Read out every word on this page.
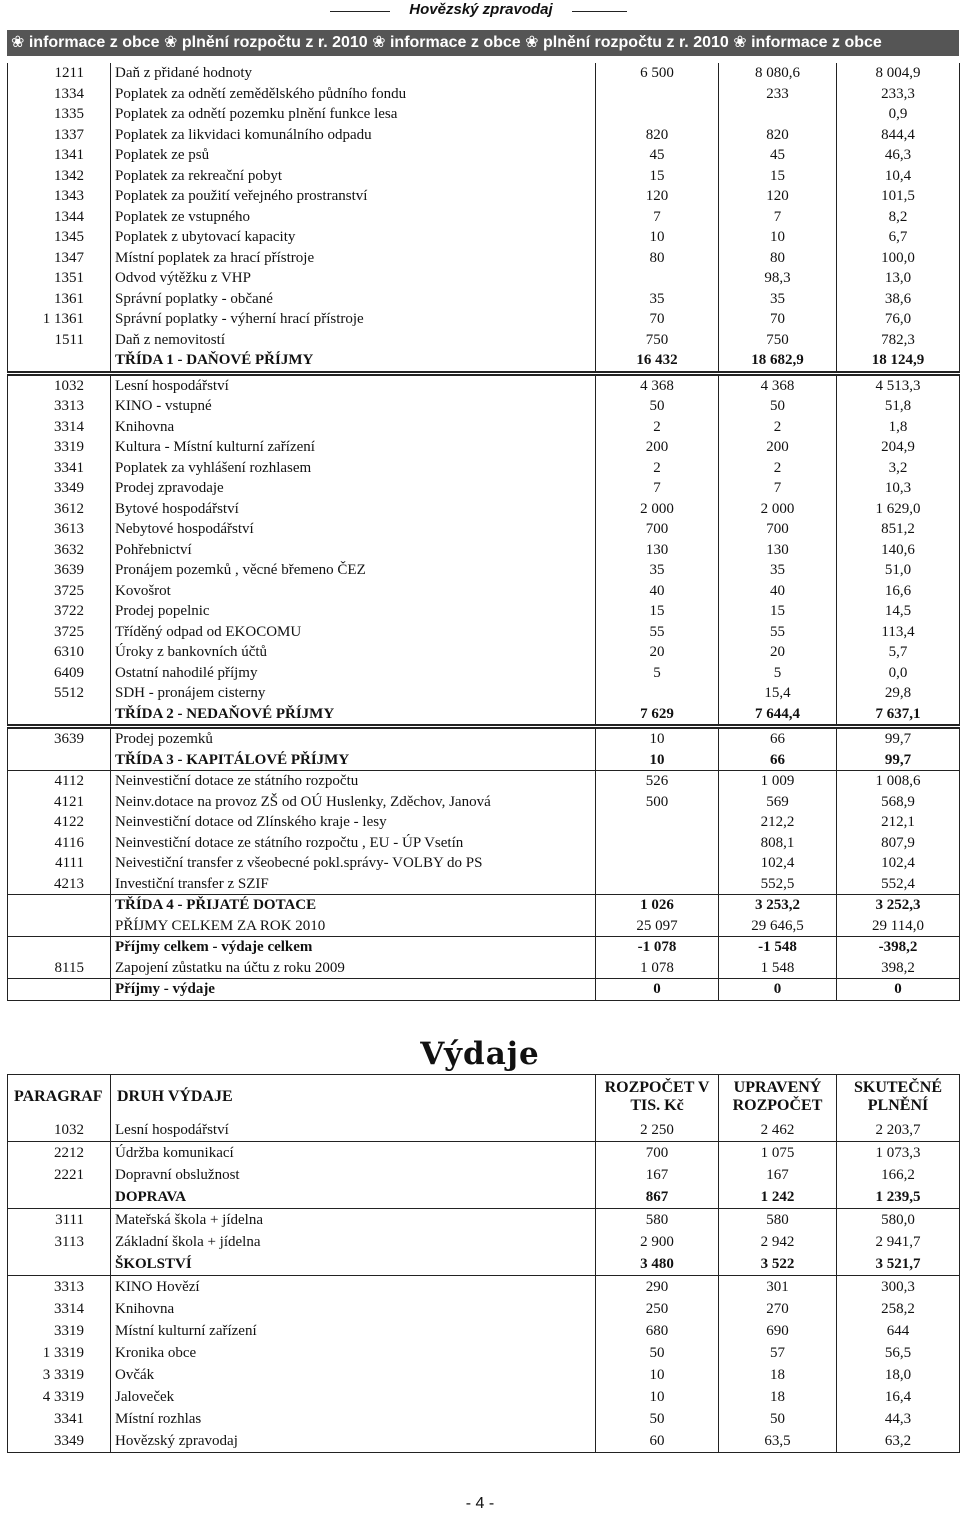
Hovězský zpravodaj
❀ informace z obce ❀ plnění rozpočtu z r. 2010 ❀ informace z obce ❀ plnění rozpočtu z r. 2010 ❀ informace z obce
1211	Daň z přidané hodnoty	6 500	8 080,6	8 004,9
1334	Poplatek za odnětí zemědělského půdního fondu		233	233,3
1335	Poplatek za odnětí pozemku plnění funkce lesa			0,9
1337	Poplatek za likvidaci komunálního odpadu	820	820	844,4
1341	Poplatek ze psů	45	45	46,3
1342	Poplatek za rekreační pobyt	15	15	10,4
1343	Poplatek za použití veřejného prostranství	120	120	101,5
1344	Poplatek ze vstupného	7	7	8,2
1345	Poplatek z ubytovací kapacity	10	10	6,7
1347	Místní poplatek za hrací přístroje	80	80	100,0
1351	Odvod výtěžku z VHP		98,3	13,0
1361	Správní poplatky - občané	35	35	38,6
1 1361	Správní poplatky - výherní hrací přístroje	70	70	76,0
1511	Daň z nemovitostí	750	750	782,3
	TŘÍDA 1 - DAŇOVÉ PŘÍJMY	16 432	18 682,9	18 124,9
1032	Lesní hospodářství	4 368	4 368	4 513,3
3313	KINO - vstupné	50	50	51,8
3314	Knihovna	2	2	1,8
3319	Kultura - Místní kulturní zařízení	200	200	204,9
3341	Poplatek za vyhlášení rozhlasem	2	2	3,2
3349	Prodej zpravodaje	7	7	10,3
3612	Bytové hospodářství	2 000	2 000	1 629,0
3613	Nebytové hospodářství	700	700	851,2
3632	Pohřebnictví	130	130	140,6
3639	Pronájem pozemků , věcné břemeno ČEZ	35	35	51,0
3725	Kovošrot	40	40	16,6
3722	Prodej popelnic	15	15	14,5
3725	Tříděný odpad od EKOCOMU	55	55	113,4
6310	Úroky z bankovních účtů	20	20	5,7
6409	Ostatní nahodilé příjmy	5	5	0,0
5512	SDH - pronájem cisterny		15,4	29,8
	TŘÍDA 2 - NEDAŇOVÉ PŘÍJMY	7 629	7 644,4	7 637,1
3639	Prodej pozemků	10	66	99,7
	TŘÍDA 3 - KAPITÁLOVÉ PŘÍJMY	10	66	99,7
4112	Neinvestiční dotace ze státního rozpočtu	526	1 009	1 008,6
4121	Neinv.dotace na provoz ZŠ od OÚ Huslenky, Zděchov, Janová	500	569	568,9
4122	Neinvestiční dotace od Zlínského kraje - lesy		212,2	212,1
4116	Neinvestiční dotace ze státního rozpočtu , EU - ÚP Vsetín		808,1	807,9
4111	Neivestiční transfer z všeobecné pokl.správy- VOLBY do PS		102,4	102,4
4213	Investiční transfer z SZIF		552,5	552,4
	TŘÍDA 4 - PŘIJATÉ DOTACE	1 026	3 253,2	3 252,3
	PŘÍJMY CELKEM ZA ROK 2010	25 097	29 646,5	29 114,0
	Příjmy celkem - výdaje celkem	-1 078	-1 548	-398,2
8115	Zapojení zůstatku na účtu z roku 2009	1 078	1 548	398,2
	Příjmy - výdaje	0	0	0
Výdaje
PARAGRAF	DRUH VÝDAJE	ROZPOČET V TIS. Kč	UPRAVENÝ ROZPOČET	SKUTEČNÉ PLNĚNÍ
1032	Lesní hospodářství	2 250	2 462	2 203,7
2212	Údržba komunikací	700	1 075	1 073,3
2221	Dopravní obslužnost	167	167	166,2
	DOPRAVA	867	1 242	1 239,5
3111	Mateřská škola + jídelna	580	580	580,0
3113	Základní škola + jídelna	2 900	2 942	2 941,7
	ŠKOLSTVÍ	3 480	3 522	3 521,7
3313	KINO Hovězí	290	301	300,3
3314	Knihovna	250	270	258,2
3319	Místní kulturní zařízení	680	690	644
1 3319	Kronika obce	50	57	56,5
3 3319	Ovčák	10	18	18,0
4 3319	Jaloveček	10	18	16,4
3341	Místní rozhlas	50	50	44,3
3349	Hovězský zpravodaj	60	63,5	63,2
- 4 -
